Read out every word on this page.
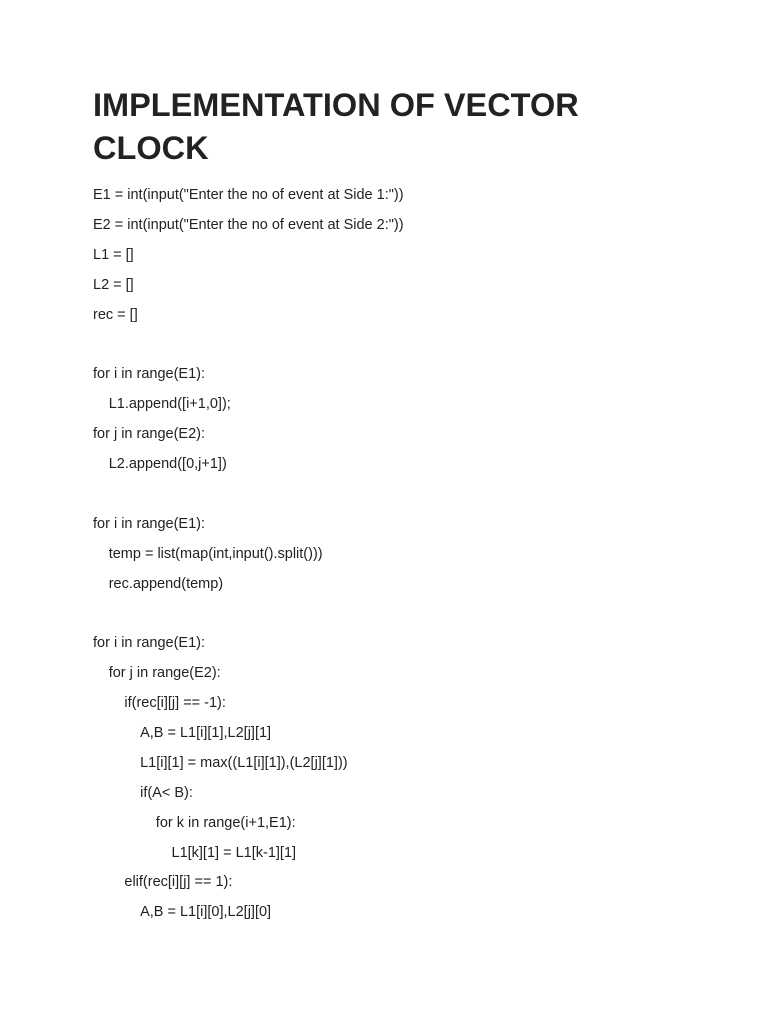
IMPLEMENTATION OF VECTOR CLOCK
E1 = int(input("Enter the no of event at Side 1:"))
E2 = int(input("Enter the no of event at Side 2:"))
L1 = []
L2 = []
rec = []
for i in range(E1):
L1.append([i+1,0]);
for j in range(E2):
L2.append([0,j+1])
for i in range(E1):
temp = list(map(int,input().split()))
rec.append(temp)
for i in range(E1):
for j in range(E2):
if(rec[i][j] == -1):
A,B = L1[i][1],L2[j][1]
L1[i][1] = max((L1[i][1]),(L2[j][1]))
if(A< B):
for k in range(i+1,E1):
L1[k][1] = L1[k-1][1]
elif(rec[i][j] == 1):
A,B = L1[i][0],L2[j][0]
